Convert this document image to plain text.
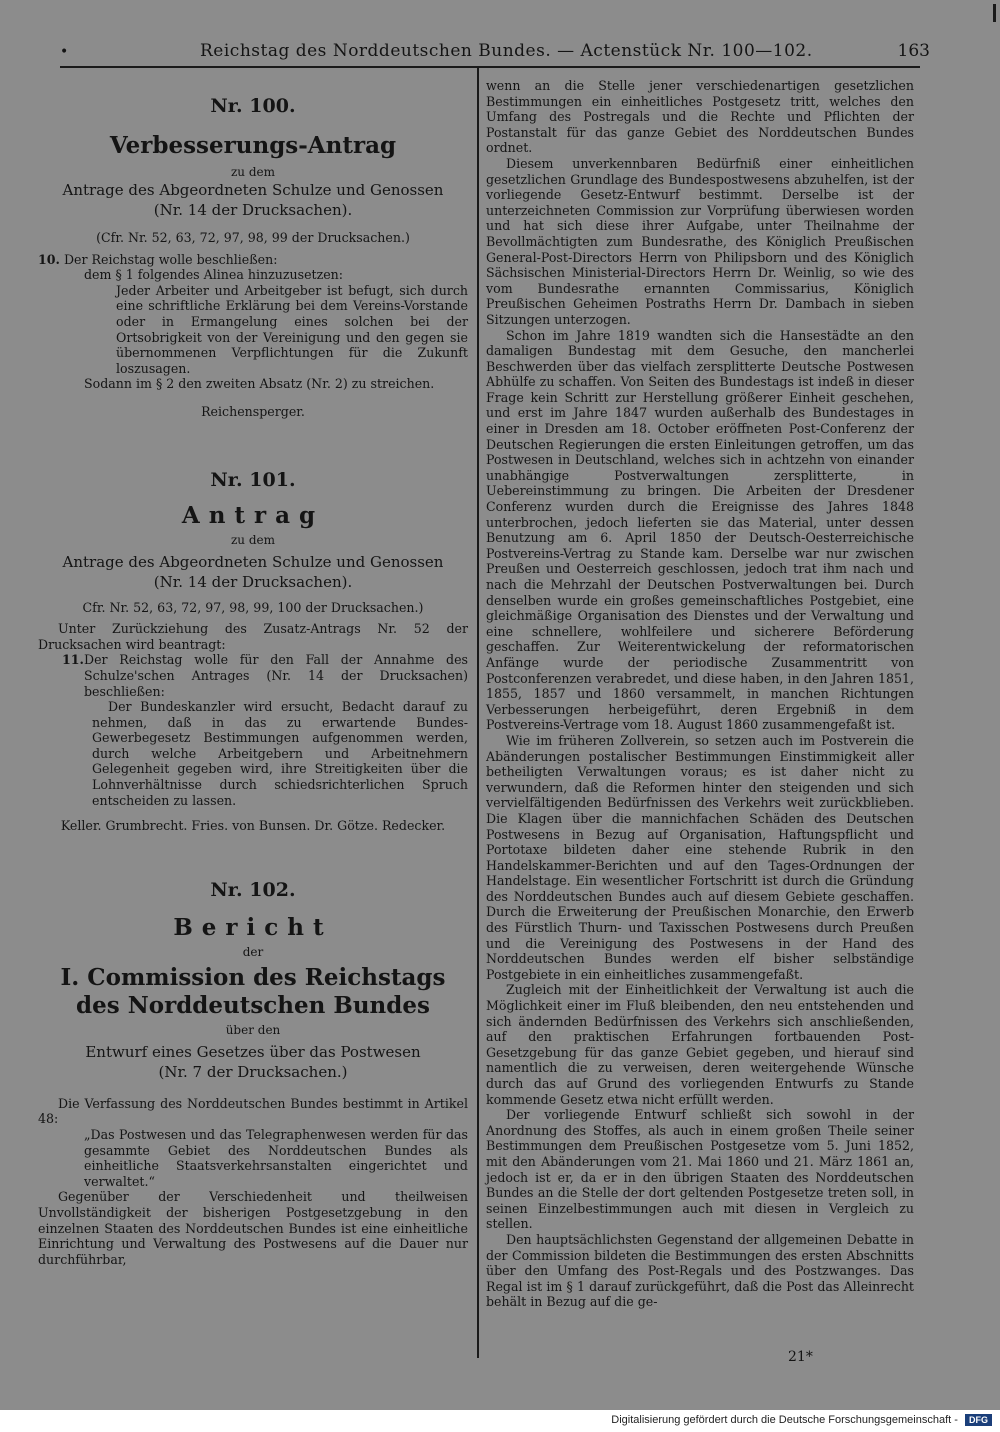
•	Reichstag des Norddeutschen Bundes. — Actenstück Nr. 100—102.	163
Nr. 100.
Verbesserungs-Antrag
zu dem
Antrage des Abgeordneten Schulze und Genossen
(Nr. 14 der Drucksachen).
(Cfr. Nr. 52, 63, 72, 97, 98, 99 der Drucksachen.)
10. Der Reichstag wolle beschließen:
dem § 1 folgendes Alinea hinzuzusetzen:
Jeder Arbeiter und Arbeitgeber ist befugt, sich durch eine schriftliche Erklärung bei dem Vereins-Vorstande oder in Ermangelung eines solchen bei der Ortsobrigkeit von der Vereinigung und den gegen sie übernommenen Verpflichtungen für die Zukunft loszusagen.
Sodann im § 2 den zweiten Absatz (Nr. 2) zu streichen.
Reichensperger.
Nr. 101.
Antrag
zu dem
Antrage des Abgeordneten Schulze und Genossen
(Nr. 14 der Drucksachen).
Cfr. Nr. 52, 63, 72, 97, 98, 99, 100 der Drucksachen.)
Unter Zurückziehung des Zusatz-Antrags Nr. 52 der Drucksachen wird beantragt:
11. Der Reichstag wolle für den Fall der Annahme des Schulze'schen Antrages (Nr. 14 der Drucksachen) beschließen:
Der Bundeskanzler wird ersucht, Bedacht darauf zu nehmen, daß in das zu erwartende Bundes-Gewerbegesetz Bestimmungen aufgenommen werden, durch welche Arbeitgebern und Arbeitnehmern Gelegenheit gegeben wird, ihre Streitigkeiten über die Lohnverhältnisse durch schiedsrichterlichen Spruch entscheiden zu lassen.
Keller. Grumbrecht. Fries. von Bunsen. Dr. Götze. Redecker.
Nr. 102.
Bericht
der
I. Commission des Reichstags des Norddeutschen Bundes
über den
Entwurf eines Gesetzes über das Postwesen
(Nr. 7 der Drucksachen.)
Die Verfassung des Norddeutschen Bundes bestimmt in Artikel 48:
„Das Postwesen und das Telegraphenwesen werden für das gesammte Gebiet des Norddeutschen Bundes als einheitliche Staatsverkehrsanstalten eingerichtet und verwaltet.“
Gegenüber der Verschiedenheit und theilweisen Unvollständigkeit der bisherigen Postgesetzgebung in den einzelnen Staaten des Norddeutschen Bundes ist eine einheitliche Einrichtung und Verwaltung des Postwesens auf die Dauer nur durchführbar,
wenn an die Stelle jener verschiedenartigen gesetzlichen Bestimmungen ein einheitliches Postgesetz tritt, welches den Umfang des Postregals und die Rechte und Pflichten der Postanstalt für das ganze Gebiet des Norddeutschen Bundes ordnet.
Diesem unverkennbaren Bedürfniß einer einheitlichen gesetzlichen Grundlage des Bundespostwesens abzuhelfen, ist der vorliegende Gesetz-Entwurf bestimmt. Derselbe ist der unterzeichneten Commission zur Vorprüfung überwiesen worden und hat sich diese ihrer Aufgabe, unter Theilnahme der Bevollmächtigten zum Bundesrathe, des Königlich Preußischen General-Post-Directors Herrn von Philipsborn und des Königlich Sächsischen Ministerial-Directors Herrn Dr. Weinlig, so wie des vom Bundesrathe ernannten Commissarius, Königlich Preußischen Geheimen Postraths Herrn Dr. Dambach in sieben Sitzungen unterzogen.
Schon im Jahre 1819 wandten sich die Hansestädte an den damaligen Bundestag mit dem Gesuche, den mancherlei Beschwerden über das vielfach zersplitterte Deutsche Postwesen Abhülfe zu schaffen. Von Seiten des Bundestags ist indeß in dieser Frage kein Schritt zur Herstellung größerer Einheit geschehen, und erst im Jahre 1847 wurden außerhalb des Bundestages in einer in Dresden am 18. October eröffneten Post-Conferenz der Deutschen Regierungen die ersten Einleitungen getroffen, um das Postwesen in Deutschland, welches sich in achtzehn von einander unabhängige Postverwaltungen zersplitterte, in Uebereinstimmung zu bringen. Die Arbeiten der Dresdener Conferenz wurden durch die Ereignisse des Jahres 1848 unterbrochen, jedoch lieferten sie das Material, unter dessen Benutzung am 6. April 1850 der Deutsch-Oesterreichische Postvereins-Vertrag zu Stande kam. Derselbe war nur zwischen Preußen und Oesterreich geschlossen, jedoch trat ihm nach und nach die Mehrzahl der Deutschen Postverwaltungen bei. Durch denselben wurde ein großes gemeinschaftliches Postgebiet, eine gleichmäßige Organisation des Dienstes und der Verwaltung und eine schnellere, wohlfeilere und sicherere Beförderung geschaffen. Zur Weiterentwickelung der reformatorischen Anfänge wurde der periodische Zusammentritt von Postconferenzen verabredet, und diese haben, in den Jahren 1851, 1855, 1857 und 1860 versammelt, in manchen Richtungen Verbesserungen herbeigeführt, deren Ergebniß in dem Postvereins-Vertrage vom 18. August 1860 zusammengefaßt ist.
Wie im früheren Zollverein, so setzen auch im Postverein die Abänderungen postalischer Bestimmungen Einstimmigkeit aller betheiligten Verwaltungen voraus; es ist daher nicht zu verwundern, daß die Reformen hinter den steigenden und sich vervielfältigenden Bedürfnissen des Verkehrs weit zurückblieben. Die Klagen über die mannichfachen Schäden des Deutschen Postwesens in Bezug auf Organisation, Haftungspflicht und Portotaxe bildeten daher eine stehende Rubrik in den Handelskammer-Berichten und auf den Tages-Ordnungen der Handelstage. Ein wesentlicher Fortschritt ist durch die Gründung des Norddeutschen Bundes auch auf diesem Gebiete geschaffen. Durch die Erweiterung der Preußischen Monarchie, den Erwerb des Fürstlich Thurn- und Taxisschen Postwesens durch Preußen und die Vereinigung des Postwesens in der Hand des Norddeutschen Bundes werden elf bisher selbständige Postgebiete in ein einheitliches zusammengefaßt.
Zugleich mit der Einheitlichkeit der Verwaltung ist auch die Möglichkeit einer im Fluß bleibenden, den neu entstehenden und sich ändernden Bedürfnissen des Verkehrs sich anschließenden, auf den praktischen Erfahrungen fortbauenden Post-Gesetzgebung für das ganze Gebiet gegeben, und hierauf sind namentlich die zu verweisen, deren weitergehende Wünsche durch das auf Grund des vorliegenden Entwurfs zu Stande kommende Gesetz etwa nicht erfüllt werden.
Der vorliegende Entwurf schließt sich sowohl in der Anordnung des Stoffes, als auch in einem großen Theile seiner Bestimmungen dem Preußischen Postgesetze vom 5. Juni 1852, mit den Abänderungen vom 21. Mai 1860 und 21. März 1861 an, jedoch ist er, da er in den übrigen Staaten des Norddeutschen Bundes an die Stelle der dort geltenden Postgesetze treten soll, in seinen Einzelbestimmungen auch mit diesen in Vergleich zu stellen.
Den hauptsächlichsten Gegenstand der allgemeinen Debatte in der Commission bildeten die Bestimmungen des ersten Abschnitts über den Umfang des Post-Regals und des Postzwanges. Das Regal ist im § 1 darauf zurückgeführt, daß die Post das Alleinrecht behält in Bezug auf die ge-
21*
Digitalisierung gefördert durch die Deutsche Forschungsgemeinschaft - DFG
